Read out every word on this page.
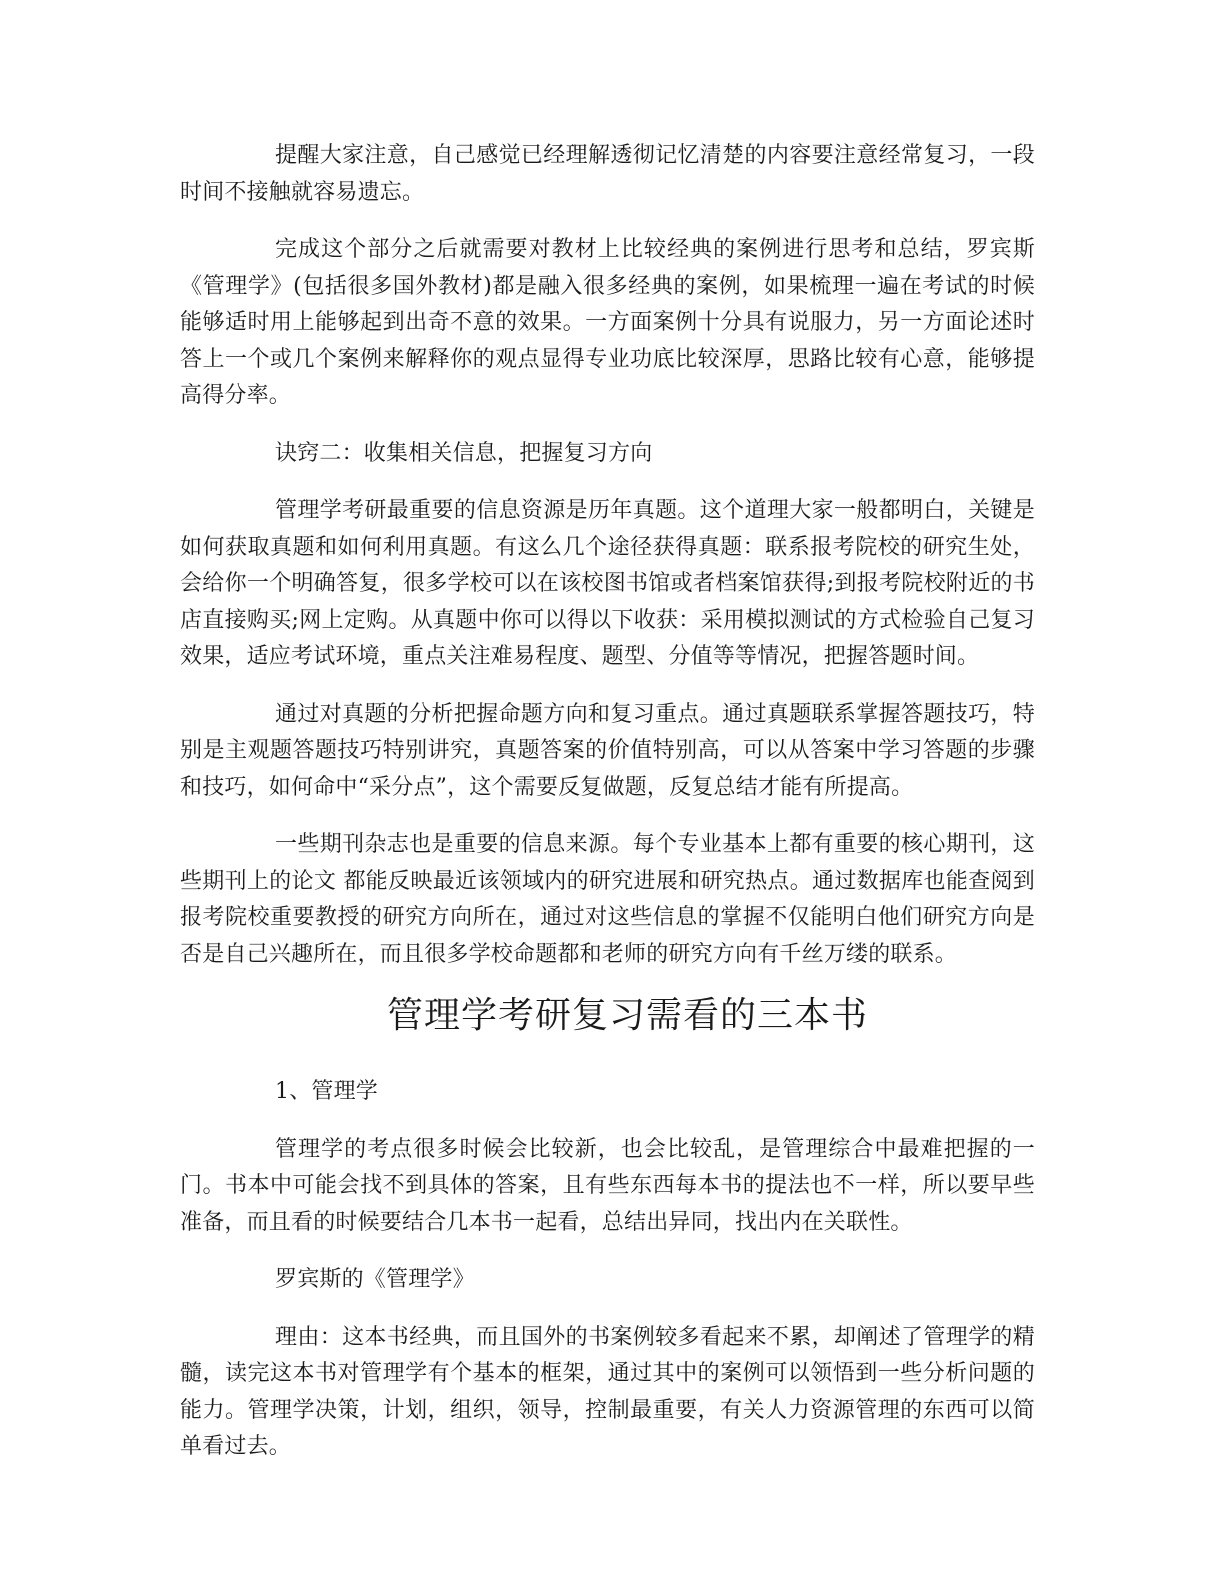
提醒大家注意，自己感觉已经理解透彻记忆清楚的内容要注意经常复习，一段时间不接触就容易遗忘。

完成这个部分之后就需要对教材上比较经典的案例进行思考和总结，罗宾斯《管理学》(包括很多国外教材)都是融入很多经典的案例，如果梳理一遍在考试的时候能够适时用上能够起到出奇不意的效果。一方面案例十分具有说服力，另一方面论述时答上一个或几个案例来解释你的观点显得专业功底比较深厚，思路比较有心意，能够提高得分率。

诀窍二：收集相关信息，把握复习方向

管理学考研最重要的信息资源是历年真题。这个道理大家一般都明白，关键是如何获取真题和如何利用真题。有这么几个途径获得真题：联系报考院校的研究生处，会给你一个明确答复，很多学校可以在该校图书馆或者档案馆获得;到报考院校附近的书店直接购买;网上定购。从真题中你可以得以下收获：采用模拟测试的方式检验自己复习效果，适应考试环境，重点关注难易程度、题型、分值等等情况，把握答题时间。

通过对真题的分析把握命题方向和复习重点。通过真题联系掌握答题技巧，特别是主观题答题技巧特别讲究，真题答案的价值特别高，可以从答案中学习答题的步骤和技巧，如何命中“采分点”，这个需要反复做题，反复总结才能有所提高。

一些期刊杂志也是重要的信息来源。每个专业基本上都有重要的核心期刊，这些期刊上的论文 都能反映最近该领域内的研究进展和研究热点。通过数据库也能查阅到报考院校重要教授的研究方向所在，通过对这些信息的掌握不仅能明白他们研究方向是否是自己兴趣所在，而且很多学校命题都和老师的研究方向有千丝万缕的联系。

管理学考研复习需看的三本书

1、管理学

管理学的考点很多时候会比较新，也会比较乱，是管理综合中最难把握的一门。书本中可能会找不到具体的答案，且有些东西每本书的提法也不一样，所以要早些准备，而且看的时候要结合几本书一起看，总结出异同，找出内在关联性。

罗宾斯的《管理学》

理由：这本书经典，而且国外的书案例较多看起来不累，却阐述了管理学的精髓，读完这本书对管理学有个基本的框架，通过其中的案例可以领悟到一些分析问题的能力。管理学决策，计划，组织，领导，控制最重要，有关人力资源管理的东西可以简单看过去。
